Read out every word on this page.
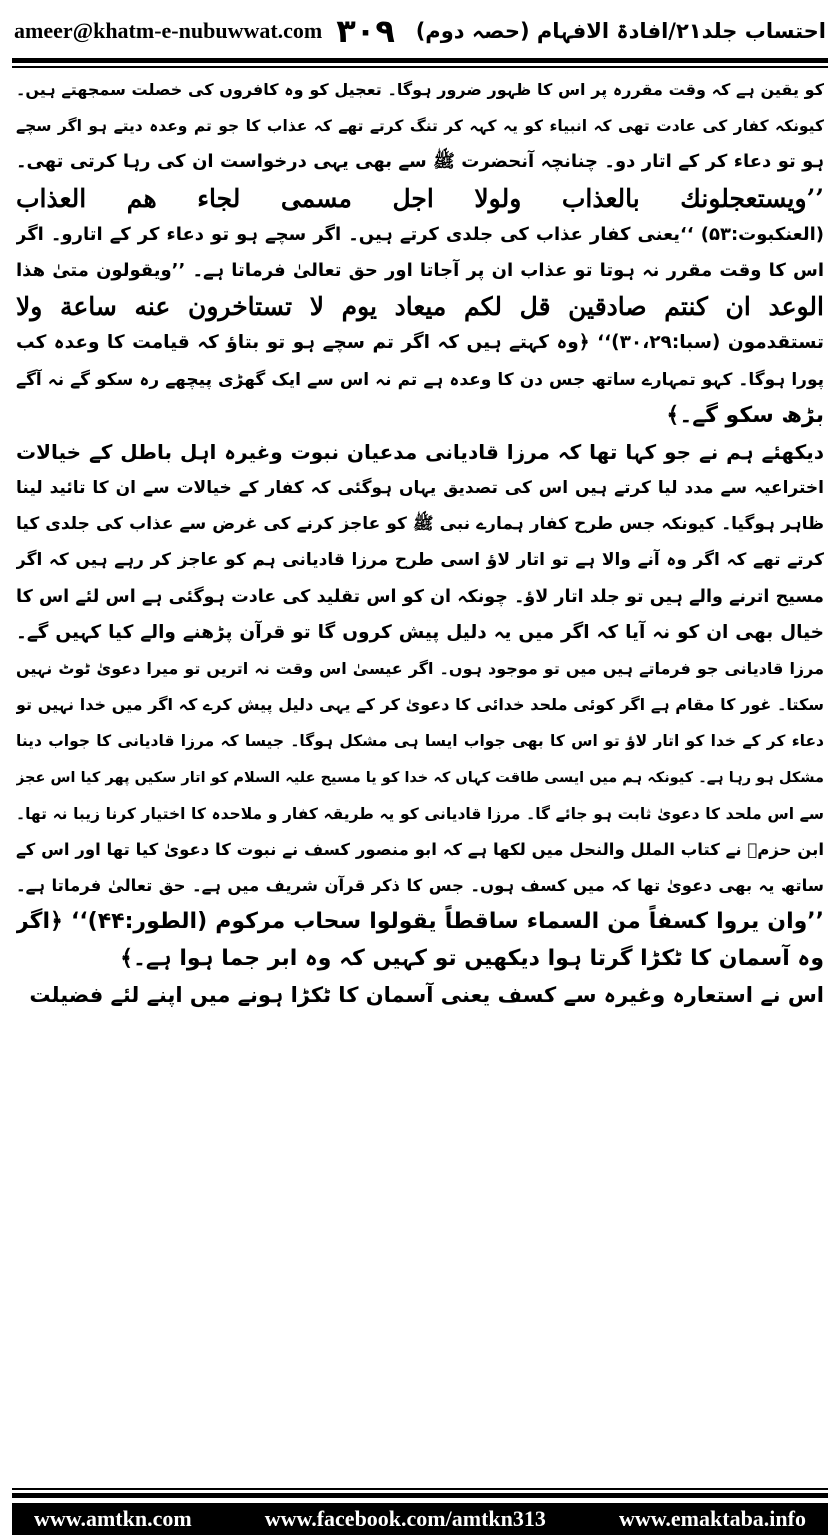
ameer@khatm-e-nubuwwat.com ۳۰۹ احتساب جلد۲۱/افادۃ الافہام (حصہ دوم)
کو یقین ہے کہ وقت مقررہ پر اس کا ظہور ضرور ہوگا۔ تعجیل کو وہ کافروں کی خصلت سمجھتے ہیں۔
کیونکہ کفار کی عادت تھی کہ انبیاء کو یہ کہہ کر تنگ کرتے تھے کہ عذاب کا جو تم وعدہ دیتے ہو اگر سچے
ہو تو دعاء کر کے اتار دو۔ چنانچہ آنحضرت ﷺ سے بھی یہی درخواست ان کی رہا کرتی تھی۔
’’ویستعجلونك بالعذاب ولولا اجل مسمی لجاء هم العذاب
(العنکبوت:۵۳) ‘‘یعنی کفار عذاب کی جلدی کرتے ہیں۔ اگر سچے ہو تو دعاء کر کے اتارو۔ اگر
اس کا وقت مقرر نہ ہوتا تو عذاب ان پر آجاتا اور حق تعالیٰ فرماتا ہے۔ ’’ویقولون متیٰ هذا
الوعد ان کنتم صادقین قل لكم ميعاد يوم لا تستاخرون عنه ساعة ولا
تستقدمون (سبا:۳۰،۲۹)‘‘ ﴿وہ کہتے ہیں کہ اگر تم سچے ہو تو بتاؤ کہ قیامت کا وعدہ کب
پورا ہوگا۔ کہو تمہارے ساتھ جس دن کا وعدہ ہے تم نہ اس سے ایک گھڑی پیچھے رہ سکو گے نہ آگے
بڑھ سکو گے۔﴾
دیکھئے ہم نے جو کہا تھا کہ مرزا قادیانی مدعیان نبوت وغیرہ اہل باطل کے خیالات
اختراعیہ سے مدد لیا کرتے ہیں اس کی تصدیق یہاں ہوگئی کہ کفار کے خیالات سے ان کا تائید لینا
ظاہر ہوگیا۔ کیونکہ جس طرح کفار ہمارے نبی ﷺ کو عاجز کرنے کی غرض سے عذاب کی جلدی کیا
کرتے تھے کہ اگر وہ آنے والا ہے تو اتار لاؤ اسی طرح مرزا قادیانی ہم کو عاجز کر رہے ہیں کہ اگر
مسیح اترنے والے ہیں تو جلد اتار لاؤ۔ چونکہ ان کو اس تقلید کی عادت ہوگئی ہے اس لئے اس کا
خیال بھی ان کو نہ آیا کہ اگر میں یہ دلیل پیش کروں گا تو قرآن پڑھنے والے کیا کہیں گے۔
مرزا قادیانی جو فرماتے ہیں میں تو موجود ہوں۔ اگر عیسیٰ اس وقت نہ اتریں تو میرا دعویٰ ٹوٹ نہیں
سکتا۔ غور کا مقام ہے اگر کوئی ملحد خدائی کا دعویٰ کر کے یہی دلیل پیش کرے کہ اگر میں خدا نہیں تو
دعاء کر کے خدا کو اتار لاؤ تو اس کا بھی جواب ایسا ہی مشکل ہوگا۔ جیسا کہ مرزا قادیانی کا جواب دینا
مشکل ہو رہا ہے۔ کیونکہ ہم میں ایسی طاقت کہاں کہ خدا کو یا مسیح علیہ السلام کو اتار سکیں پھر کیا اس عجز
سے اس ملحد کا دعویٰ ثابت ہو جائے گا۔ مرزا قادیانی کو یہ طریقہ کفار و ملاحدہ کا اختیار کرنا زیبا نہ تھا۔
ابن حزمؒ نے کتاب الملل والنحل میں لکھا ہے کہ ابو منصور کسف نے نبوت کا دعویٰ کیا تھا اور اس کے
ساتھ یہ بھی دعویٰ تھا کہ میں کسف ہوں۔ جس کا ذکر قرآن شریف میں ہے۔ حق تعالیٰ فرماتا ہے۔
’’وان یروا کسفاً من السماء ساقطاً یقولوا سحاب مرکوم (الطور:۴۴)‘‘ ﴿اگر
وہ آسمان کا ٹکڑا گرتا ہوا دیکھیں تو کہیں کہ وہ ابر جما ہوا ہے۔﴾
اس نے استعارہ وغیرہ سے کسف یعنی آسمان کا ٹکڑا ہونے میں اپنے لئے فضیلت
www.amtkn.com	www.facebook.com/amtkn313	www.emaktaba.info
